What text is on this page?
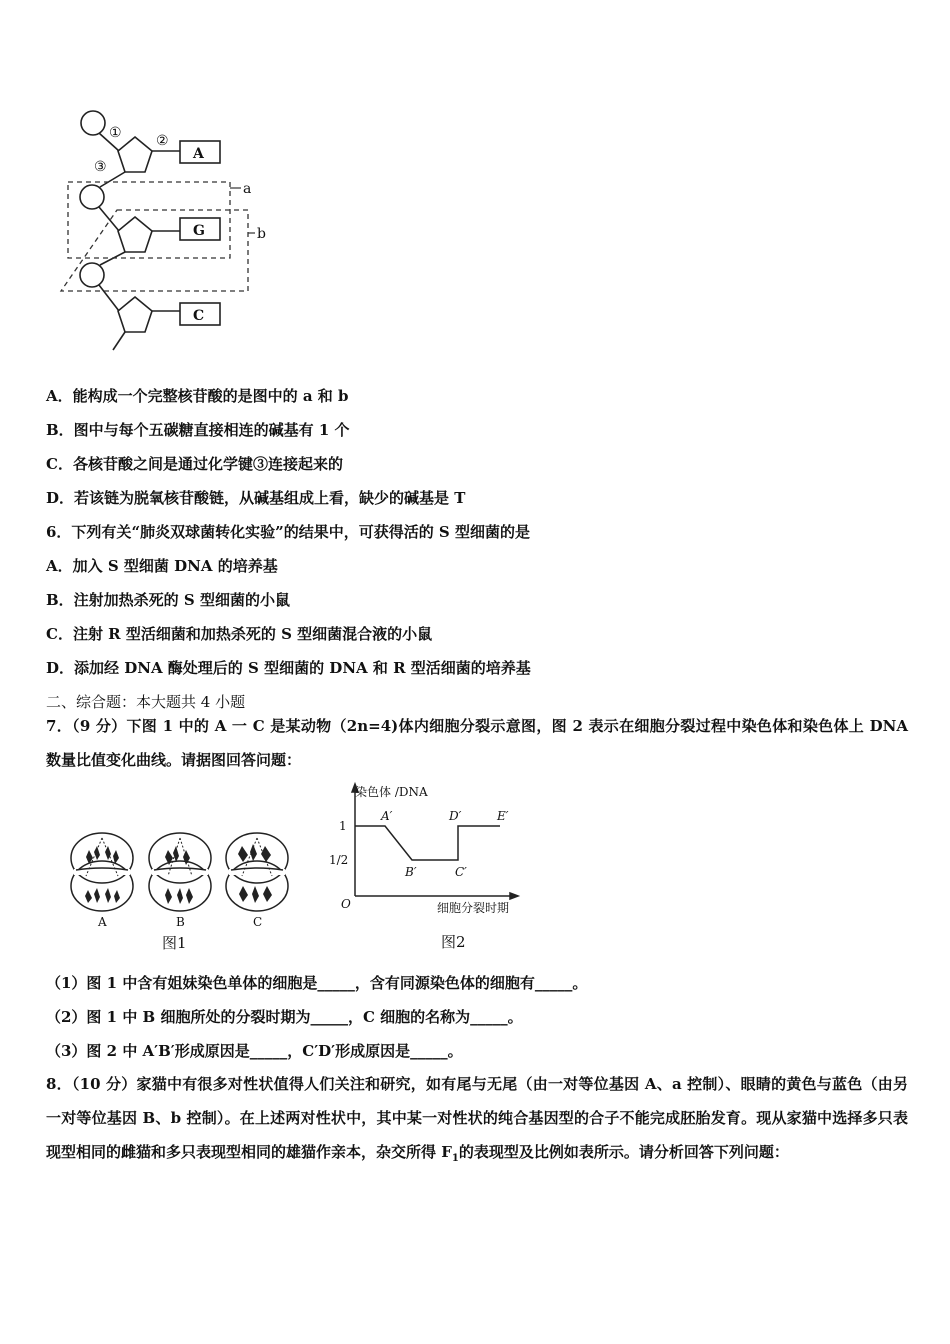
① ②
③
A
G
C
a
b
A．能构成一个完整核苷酸的是图中的 a 和 b
B．图中与每个五碳糖直接相连的碱基有 1 个
C．各核苷酸之间是通过化学键③连接起来的
D．若该链为脱氧核苷酸链，从碱基组成上看，缺少的碱基是 T
6．下列有关“肺炎双球菌转化实验”的结果中，可获得活的 S 型细菌的是
A．加入 S 型细菌 DNA 的培养基
B．注射加热杀死的 S 型细菌的小鼠
C．注射 R 型活细菌和加热杀死的 S 型细菌混合液的小鼠
D．添加经 DNA 酶处理后的 S 型细菌的 DNA 和 R 型活细菌的培养基
二、综合题：本大题共 4 小题
7．（9 分）下图 1 中的 A 一 C 是某动物（2n=4)体内细胞分裂示意图，图 2 表示在细胞分裂过程中染色体和染色体上 DNA 数量比值变化曲线。请据图回答问题：
A	B	C
图1
染色体 /DNA
1
1/2
O
A′
B′	C′
D′	E′
细胞分裂时期
图2
（1）图 1 中含有姐妹染色单体的细胞是_____，含有同源染色体的细胞有_____。
（2）图 1 中 B 细胞所处的分裂时期为_____，C 细胞的名称为_____。
（3）图 2 中 A′B′形成原因是_____，C′D′形成原因是_____。
8．（10 分）家猫中有很多对性状值得人们关注和研究，如有尾与无尾（由一对等位基因 A、a 控制）、眼睛的黄色与蓝色（由另一对等位基因 B、b 控制）。在上述两对性状中，其中某一对性状的纯合基因型的合子不能完成胚胎发育。现从家猫中选择多只表现型相同的雌猫和多只表现型相同的雄猫作亲本，杂交所得 $F_1$的表现型及比例如表所示。请分析回答下列问题：
